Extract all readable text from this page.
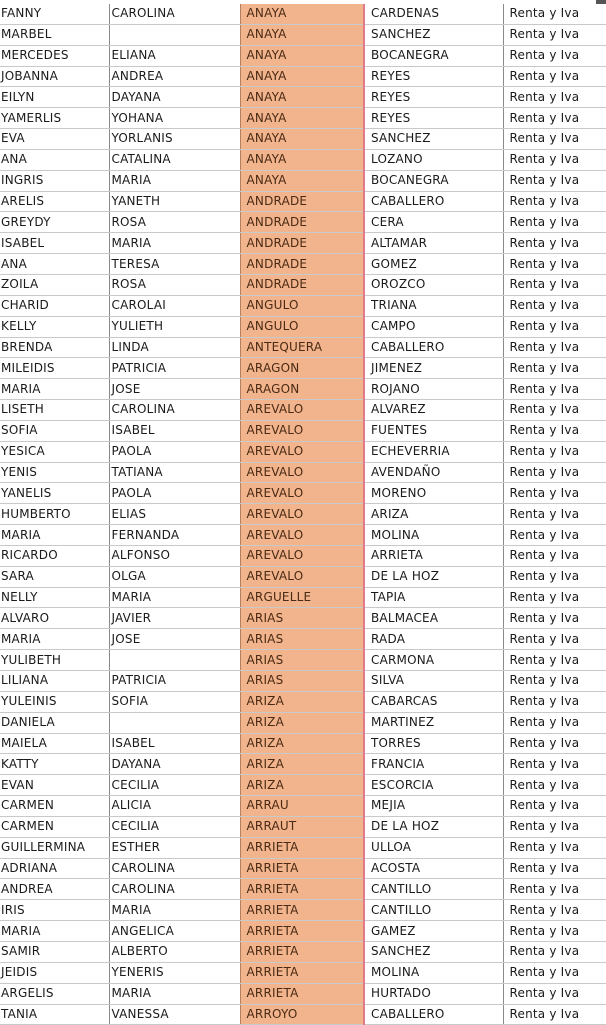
FANNY	CAROLINA	ANAYA	CARDENAS	Renta y Iva
MARBEL		ANAYA	SANCHEZ	Renta y Iva
MERCEDES	ELIANA	ANAYA	BOCANEGRA	Renta y Iva
JOBANNA	ANDREA	ANAYA	REYES	Renta y Iva
EILYN	DAYANA	ANAYA	REYES	Renta y Iva
YAMERLIS	YOHANA	ANAYA	REYES	Renta y Iva
EVA	YORLANIS	ANAYA	SANCHEZ	Renta y Iva
ANA	CATALINA	ANAYA	LOZANO	Renta y Iva
INGRIS	MARIA	ANAYA	BOCANEGRA	Renta y Iva
ARELIS	YANETH	ANDRADE	CABALLERO	Renta y Iva
GREYDY	ROSA	ANDRADE	CERA	Renta y Iva
ISABEL	MARIA	ANDRADE	ALTAMAR	Renta y Iva
ANA	TERESA	ANDRADE	GOMEZ	Renta y Iva
ZOILA	ROSA	ANDRADE	OROZCO	Renta y Iva
CHARID	CAROLAI	ANGULO	TRIANA	Renta y Iva
KELLY	YULIETH	ANGULO	CAMPO	Renta y Iva
BRENDA	LINDA	ANTEQUERA	CABALLERO	Renta y Iva
MILEIDIS	PATRICIA	ARAGON	JIMENEZ	Renta y Iva
MARIA	JOSE	ARAGON	ROJANO	Renta y Iva
LISETH	CAROLINA	AREVALO	ALVAREZ	Renta y Iva
SOFIA	ISABEL	AREVALO	FUENTES	Renta y Iva
YESICA	PAOLA	AREVALO	ECHEVERRIA	Renta y Iva
YENIS	TATIANA	AREVALO	AVENDAÑO	Renta y Iva
YANELIS	PAOLA	AREVALO	MORENO	Renta y Iva
HUMBERTO	ELIAS	AREVALO	ARIZA	Renta y Iva
MARIA	FERNANDA	AREVALO	MOLINA	Renta y Iva
RICARDO	ALFONSO	AREVALO	ARRIETA	Renta y Iva
SARA	OLGA	AREVALO	DE LA HOZ	Renta y Iva
NELLY	MARIA	ARGUELLE	TAPIA	Renta y Iva
ALVARO	JAVIER	ARIAS	BALMACEA	Renta y Iva
MARIA	JOSE	ARIAS	RADA	Renta y Iva
YULIBETH		ARIAS	CARMONA	Renta y Iva
LILIANA	PATRICIA	ARIAS	SILVA	Renta y Iva
YULEINIS	SOFIA	ARIZA	CABARCAS	Renta y Iva
DANIELA		ARIZA	MARTINEZ	Renta y Iva
MAIELA	ISABEL	ARIZA	TORRES	Renta y Iva
KATTY	DAYANA	ARIZA	FRANCIA	Renta y Iva
EVAN	CECILIA	ARIZA	ESCORCIA	Renta y Iva
CARMEN	ALICIA	ARRAU	MEJIA	Renta y Iva
CARMEN	CECILIA	ARRAUT	DE LA HOZ	Renta y Iva
GUILLERMINA	ESTHER	ARRIETA	ULLOA	Renta y Iva
ADRIANA	CAROLINA	ARRIETA	ACOSTA	Renta y Iva
ANDREA	CAROLINA	ARRIETA	CANTILLO	Renta y Iva
IRIS	MARIA	ARRIETA	CANTILLO	Renta y Iva
MARIA	ANGELICA	ARRIETA	GAMEZ	Renta y Iva
SAMIR	ALBERTO	ARRIETA	SANCHEZ	Renta y Iva
JEIDIS	YENERIS	ARRIETA	MOLINA	Renta y Iva
ARGELIS	MARIA	ARRIETA	HURTADO	Renta y Iva
TANIA	VANESSA	ARROYO	CABALLERO	Renta y Iva
